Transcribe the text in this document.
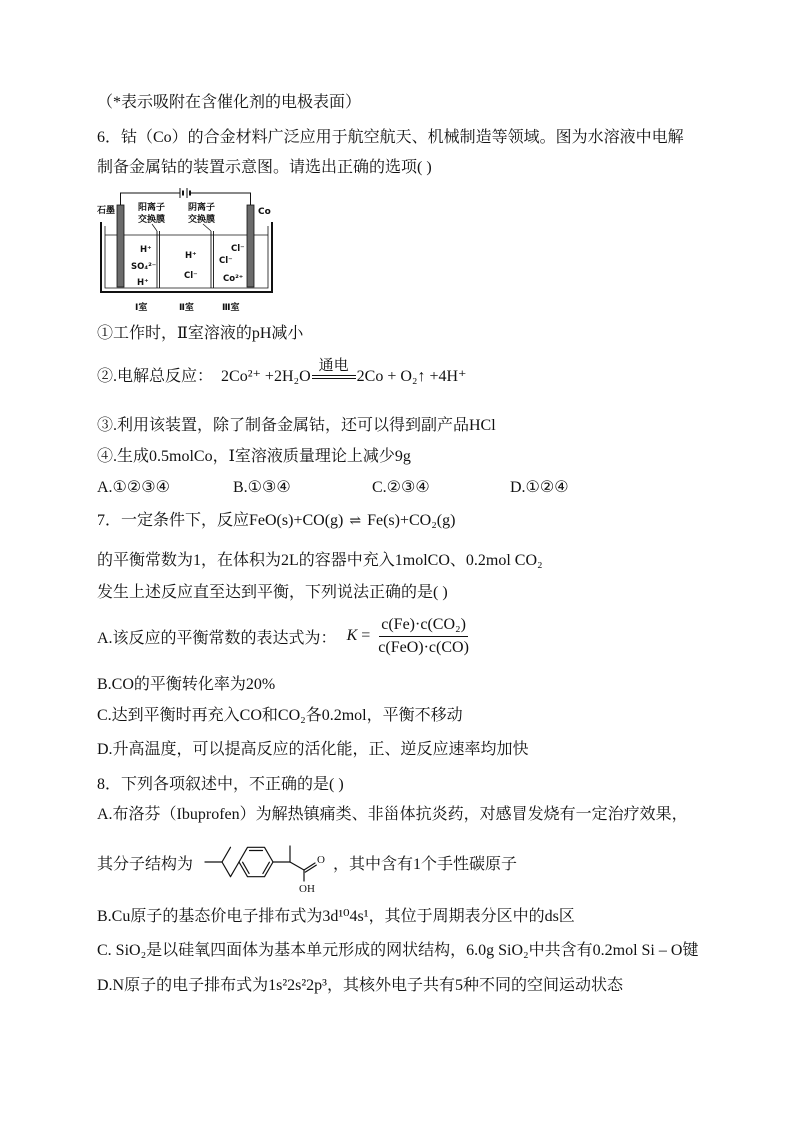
（*表示吸附在含催化剂的电极表面）
6．钴（Co）的合金材料广泛应用于航空航天、机械制造等领域。图为水溶液中电解
制备金属钴的装置示意图。请选出正确的选项( )
石墨	Co
阳离子
交换膜
阴离子
交换膜
H⁺
SO₄²⁻
H⁺
H⁺
Cl⁻
Cl⁻
Cl⁻
Co²⁺
Ⅰ室	Ⅱ室	Ⅲ室
①工作时，Ⅱ室溶液的pH减小
②.电解总反应： 2Co²⁺ +2H₂O
通电
2Co + O₂↑ +4H⁺
③.利用该装置，除了制备金属钴，还可以得到副产品HCl
④.生成0.5molCo，Ⅰ室溶液质量理论上减少9g
A.①②③④	B.①③④	C.②③④	D.①②④
7．一定条件下，反应FeO(s)+CO(g) ⇌ Fe(s)+CO₂(g)
的平衡常数为1，在体积为2L的容器中充入1molCO、0.2mol CO₂
发生上述反应直至达到平衡，下列说法正确的是( )
A.该反应的平衡常数的表达式为： $K = \frac{\text{c(Fe)·c(CO₂)}}{\text{c(FeO)·c(CO)}}$
B.CO的平衡转化率为20%
C.达到平衡时再充入CO和CO₂各0.2mol，平衡不移动
D.升高温度，可以提高反应的活化能，正、逆反应速率均加快
8．下列各项叙述中，不正确的是( )
A.布洛芬（Ibuprofen）为解热镇痛类、非甾体抗炎药，对感冒发烧有一定治疗效果，
其分子结构为	O
OH
，其中含有1个手性碳原子
B.Cu原子的基态价电子排布式为3d¹⁰4s¹，其位于周期表分区中的ds区
C. SiO₂是以硅氧四面体为基本单元形成的网状结构，6.0g SiO₂中共含有0.2mol Si – O键
D.N原子的电子排布式为1s²2s²2p³，其核外电子共有5种不同的空间运动状态
